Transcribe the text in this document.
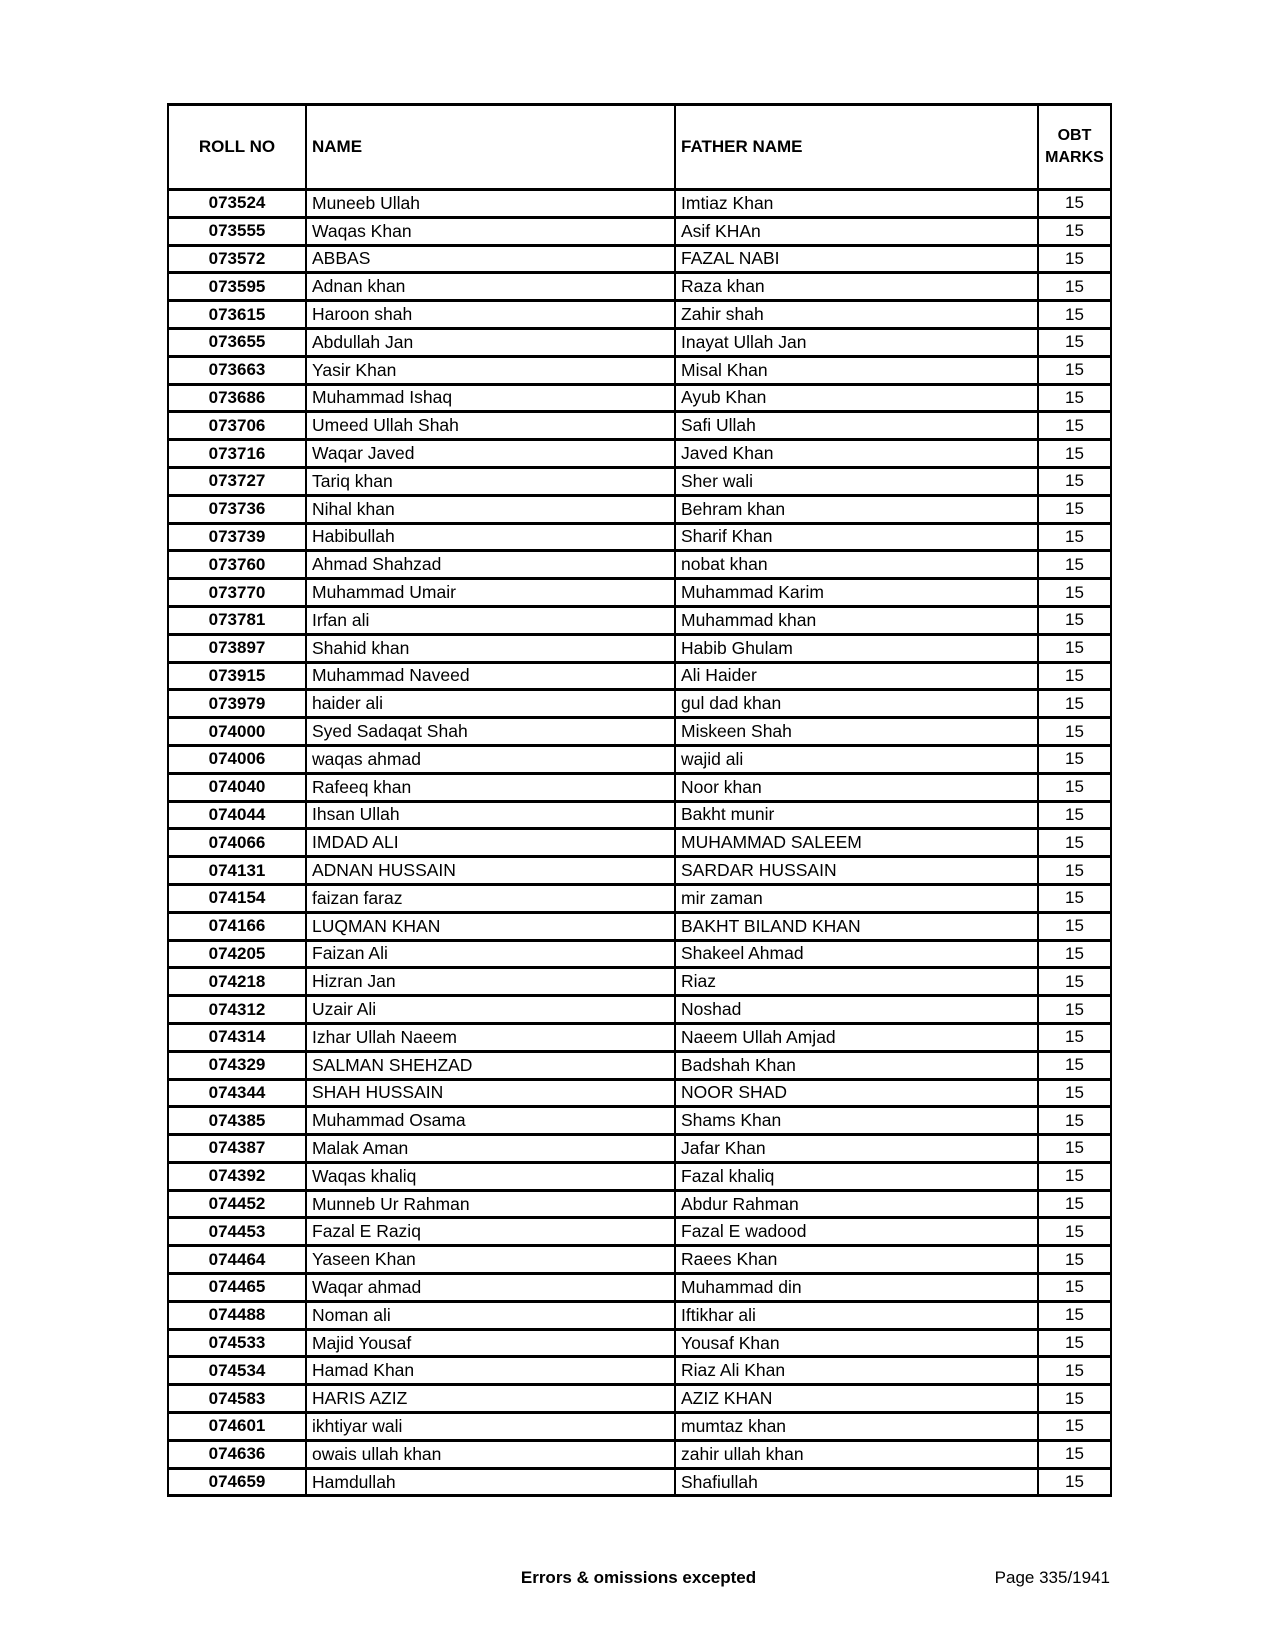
ROLL NO	NAME	FATHER NAME	OBT MARKS
073524	Muneeb Ullah	Imtiaz Khan	15
073555	Waqas Khan	Asif KHAn	15
073572	ABBAS	FAZAL NABI	15
073595	Adnan khan	Raza khan	15
073615	Haroon shah	Zahir shah	15
073655	Abdullah Jan	Inayat Ullah Jan	15
073663	Yasir Khan	Misal Khan	15
073686	Muhammad Ishaq	Ayub Khan	15
073706	Umeed Ullah Shah	Safi Ullah	15
073716	Waqar Javed	Javed Khan	15
073727	Tariq khan	Sher wali	15
073736	Nihal khan	Behram khan	15
073739	Habibullah	Sharif Khan	15
073760	Ahmad Shahzad	nobat khan	15
073770	Muhammad Umair	Muhammad Karim	15
073781	Irfan ali	Muhammad khan	15
073897	Shahid khan	Habib Ghulam	15
073915	Muhammad Naveed	Ali Haider	15
073979	haider ali	gul dad khan	15
074000	Syed Sadaqat Shah	Miskeen Shah	15
074006	waqas ahmad	wajid ali	15
074040	Rafeeq khan	Noor khan	15
074044	Ihsan Ullah	Bakht munir	15
074066	IMDAD ALI	MUHAMMAD SALEEM	15
074131	ADNAN HUSSAIN	SARDAR HUSSAIN	15
074154	faizan faraz	mir zaman	15
074166	LUQMAN KHAN	BAKHT BILAND KHAN	15
074205	Faizan Ali	Shakeel Ahmad	15
074218	Hizran Jan	Riaz	15
074312	Uzair Ali	Noshad	15
074314	Izhar Ullah Naeem	Naeem Ullah Amjad	15
074329	SALMAN SHEHZAD	Badshah Khan	15
074344	SHAH HUSSAIN	NOOR SHAD	15
074385	Muhammad Osama	Shams Khan	15
074387	Malak Aman	Jafar Khan	15
074392	Waqas khaliq	Fazal khaliq	15
074452	Munneb Ur Rahman	Abdur Rahman	15
074453	Fazal E Raziq	Fazal E wadood	15
074464	Yaseen Khan	Raees Khan	15
074465	Waqar ahmad	Muhammad din	15
074488	Noman ali	Iftikhar ali	15
074533	Majid Yousaf	Yousaf Khan	15
074534	Hamad Khan	Riaz Ali Khan	15
074583	HARIS AZIZ	AZIZ KHAN	15
074601	ikhtiyar wali	mumtaz khan	15
074636	owais ullah khan	zahir ullah khan	15
074659	Hamdullah	Shafiullah	15
Errors & omissions excepted	Page 335/1941
